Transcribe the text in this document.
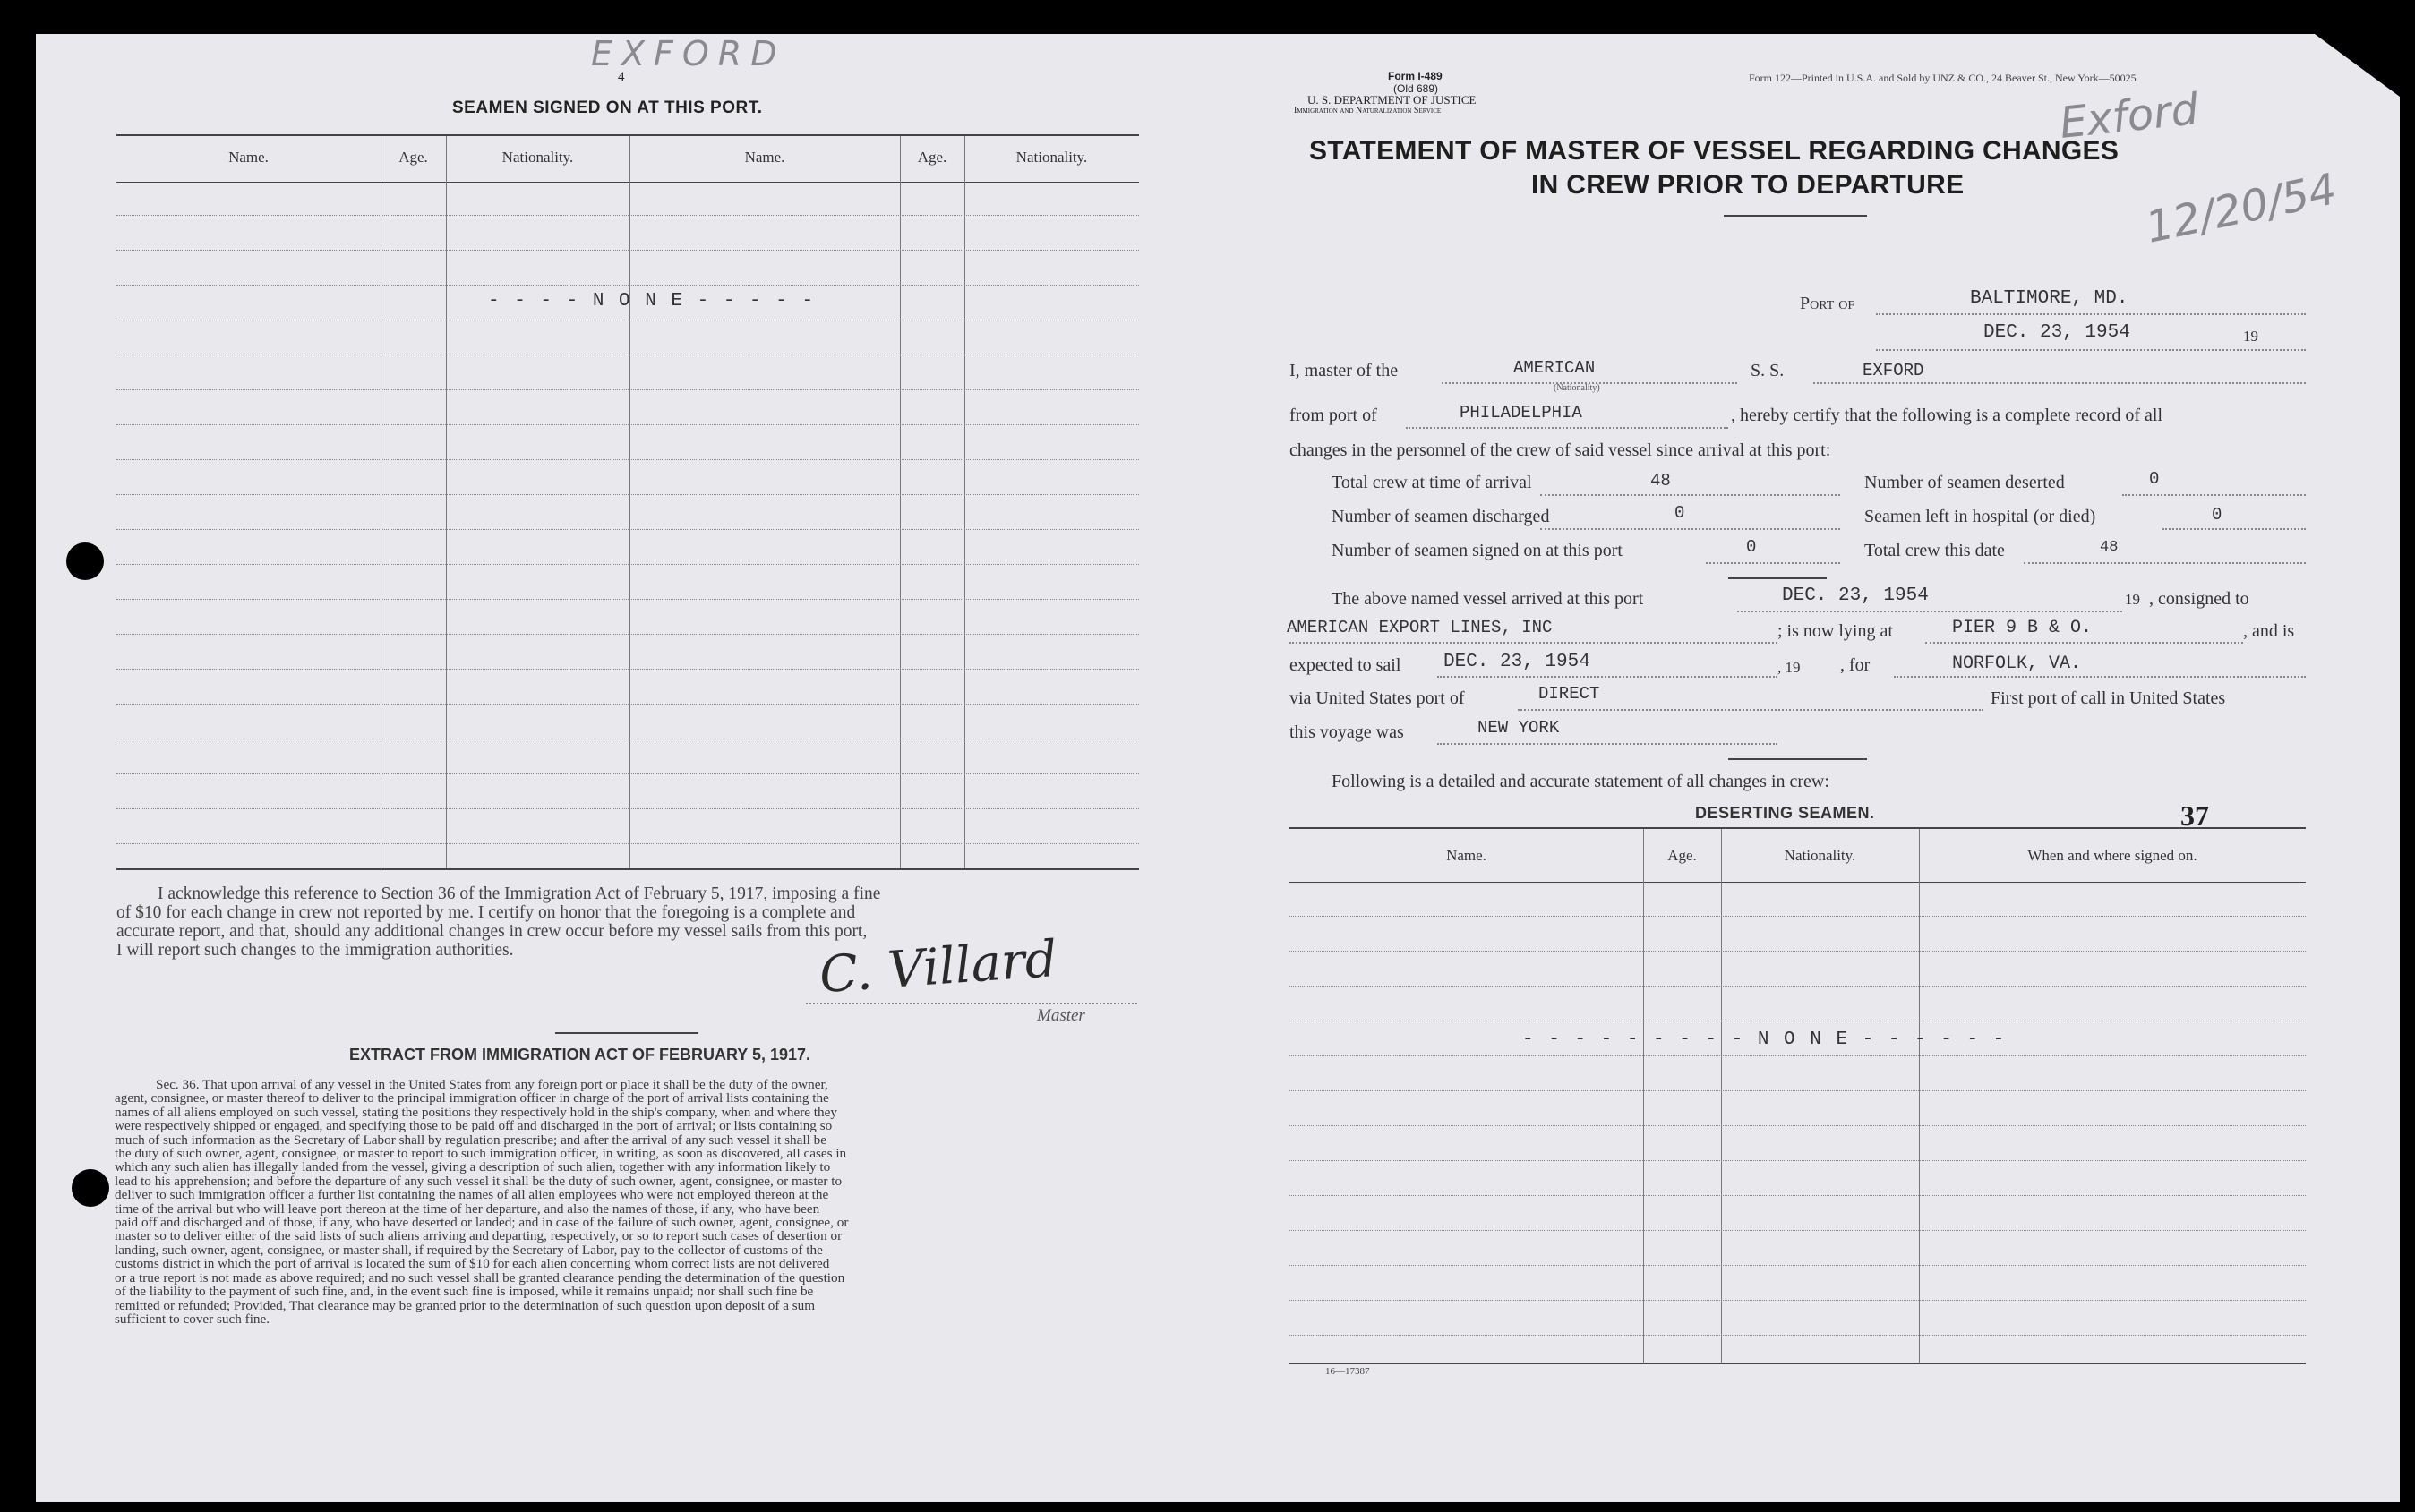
EXFORD
4
SEAMEN SIGNED ON AT THIS PORT.
Name.	Age.	Nationality.	Name.	Age.	Nationality.
- - - - N O N E - - - - -
I acknowledge this reference to Section 36 of the Immigration Act of February 5, 1917, imposing a fine
of $10 for each change in crew not reported by me. I certify on honor that the foregoing is a complete and
accurate report, and that, should any additional changes in crew occur before my vessel sails from this port,
I will report such changes to the immigration authorities.	C. Villard
Master
EXTRACT FROM IMMIGRATION ACT OF FEBRUARY 5, 1917.
Sec. 36. That upon arrival of any vessel in the United States from any foreign port or place it shall be the duty of the owner,
agent, consignee, or master thereof to deliver to the principal immigration officer in charge of the port of arrival lists containing the
names of all aliens employed on such vessel, stating the positions they respectively hold in the ship's company, when and where they
were respectively shipped or engaged, and specifying those to be paid off and discharged in the port of arrival; or lists containing so
much of such information as the Secretary of Labor shall by regulation prescribe; and after the arrival of any such vessel it shall be
the duty of such owner, agent, consignee, or master to report to such immigration officer, in writing, as soon as discovered, all cases in
which any such alien has illegally landed from the vessel, giving a description of such alien, together with any information likely to
lead to his apprehension; and before the departure of any such vessel it shall be the duty of such owner, agent, consignee, or master to
deliver to such immigration officer a further list containing the names of all alien employees who were not employed thereon at the
time of the arrival but who will leave port thereon at the time of her departure, and also the names of those, if any, who have been
paid off and discharged and of those, if any, who have deserted or landed; and in case of the failure of such owner, agent, consignee, or
master so to deliver either of the said lists of such aliens arriving and departing, respectively, or so to report such cases of desertion or
landing, such owner, agent, consignee, or master shall, if required by the Secretary of Labor, pay to the collector of customs of the
customs district in which the port of arrival is located the sum of $10 for each alien concerning whom correct lists are not delivered
or a true report is not made as above required; and no such vessel shall be granted clearance pending the determination of the question
of the liability to the payment of such fine, and, in the event such fine is imposed, while it remains unpaid; nor shall such fine be
remitted or refunded; Provided, That clearance may be granted prior to the determination of such question upon deposit of a sum
sufficient to cover such fine.
Form I-489
(Old 689)
U. S. DEPARTMENT OF JUSTICE
Immigration and Naturalization Service
Form 122—Printed in U.S.A. and Sold by UNZ & CO., 24 Beaver St., New York—50025
Exford
12/20/54
STATEMENT OF MASTER OF VESSEL REGARDING CHANGES
IN CREW PRIOR TO DEPARTURE
Port of	BALTIMORE, MD.
DEC. 23, 1954	19
I, master of the	AMERICAN
(Nationality)
S. S.	EXFORD
from port of	PHILADELPHIA	, hereby certify that the following is a complete record of all
changes in the personnel of the crew of said vessel since arrival at this port:
Total crew at time of arrival	48
Number of seamen discharged	0
Number of seamen signed on at this port	0
Number of seamen deserted	0
Seamen left in hospital (or died)	0
Total crew this date	48
The above named vessel arrived at this port	DEC. 23, 1954	19 , consigned to
AMERICAN EXPORT LINES, INC	; is now lying at	PIER 9 B & O.	, and is
expected to sail DEC. 23, 1954	, 19 , for	NORFOLK, VA.
via United States port of	DIRECT	First port of call in United States
this voyage was	NEW YORK
Following is a detailed and accurate statement of all changes in crew:
DESERTING SEAMEN.	37
Name.	Age.	Nationality.	When and where signed on.
- - - - - - - - - N O N E - - - - - -
16—17387
